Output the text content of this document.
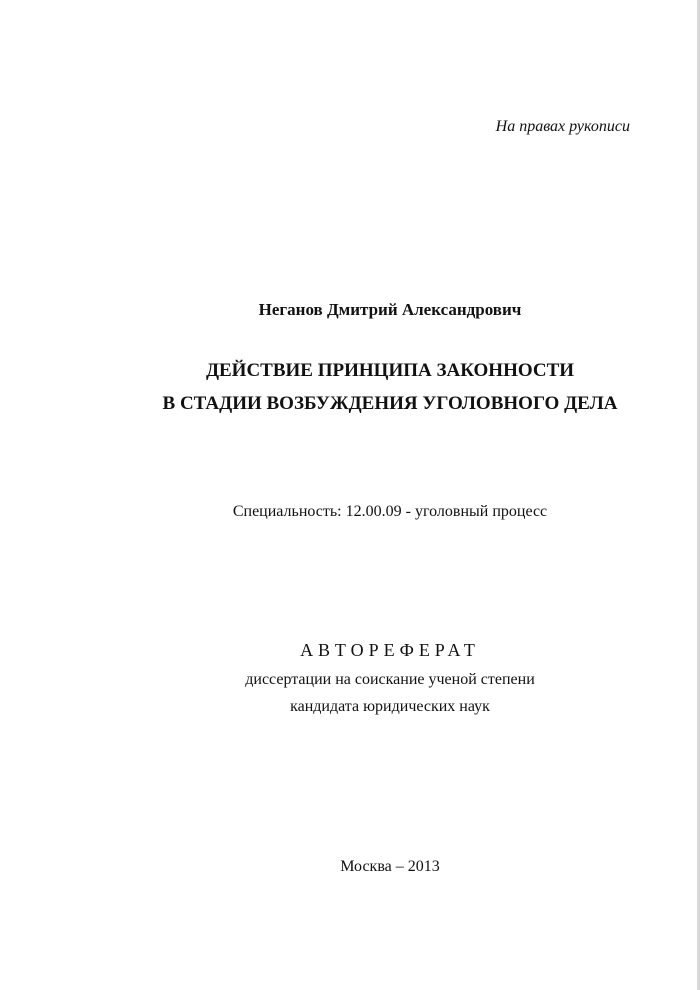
На правах рукописи
Неганов Дмитрий Александрович
ДЕЙСТВИЕ ПРИНЦИПА ЗАКОННОСТИ
В СТАДИИ ВОЗБУЖДЕНИЯ УГОЛОВНОГО ДЕЛА
Специальность: 12.00.09 - уголовный процесс
АВТОРЕФЕРАТ
диссертации на соискание ученой степени
кандидата юридических наук
Москва – 2013
